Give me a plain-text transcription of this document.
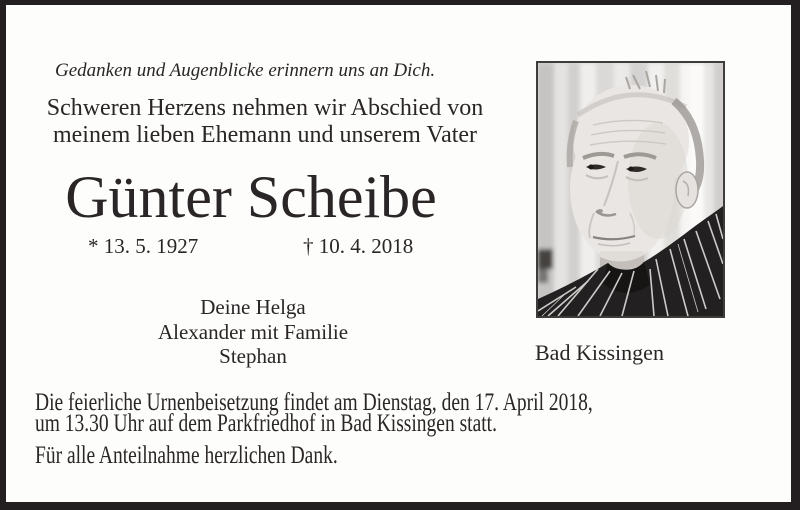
Gedanken und Augenblicke erinnern uns an Dich.
Schweren Herzens nehmen wir Abschied von
meinem lieben Ehemann und unserem Vater
Günter Scheibe
* 13. 5. 1927	† 10. 4. 2018
Deine Helga
Alexander mit Familie
Stephan	Bad Kissingen
Die feierliche Urnenbeisetzung findet am Dienstag, den 17. April 2018,
um 13.30 Uhr auf dem Parkfriedhof in Bad Kissingen statt.
Für alle Anteilnahme herzlichen Dank.
